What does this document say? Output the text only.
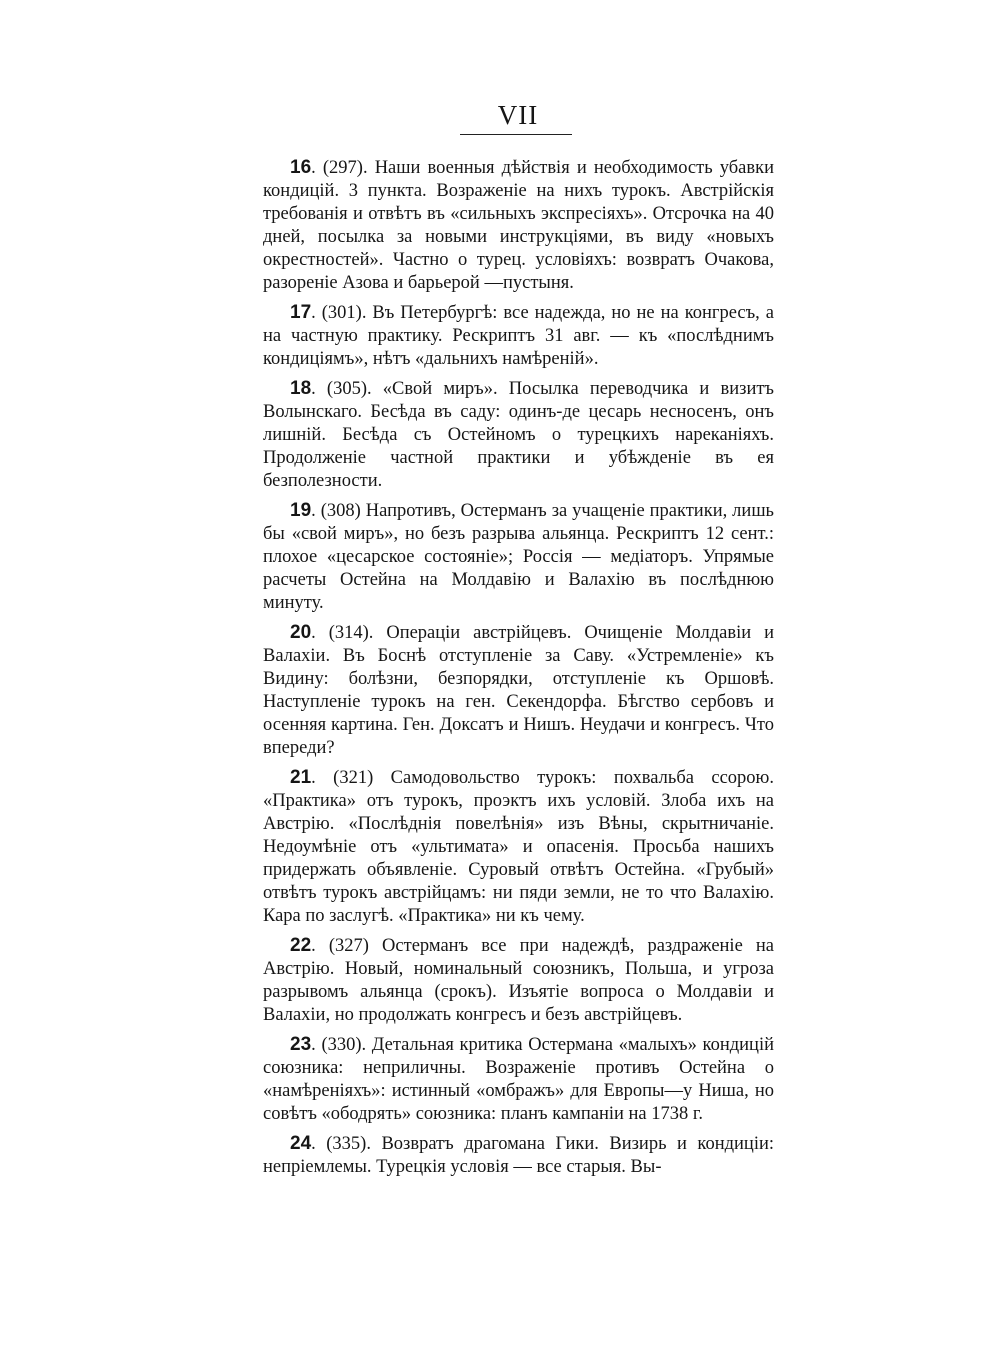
VII

16. (297). Наши военныя дѣйствія и необходимость убавки кондицій. 3 пункта. Возраженіе на нихъ турокъ. Австрійскія требованія и отвѣтъ въ «сильныхъ экспресіяхъ». Отсрочка на 40 дней, посылка за новыми инструкціями, въ виду «новыхъ окрестностей». Частно о турец. условіяхъ: возвратъ Очакова, разореніе Азова и барьерой —пустыня.

17. (301). Въ Петербургѣ: все надежда, но не на конгресъ, а на частную практику. Рескриптъ 31 авг. — къ «послѣднимъ кондиціямъ», нѣтъ «дальнихъ намѣреній».

18. (305). «Свой миръ». Посылка переводчика и визитъ Волынскаго. Бесѣда въ саду: одинъ-де цесарь несносенъ, онъ лишній. Бесѣда съ Остейномъ о турецкихъ нареканіяхъ. Продолженіе частной практики и убѣжденіе въ ея безполезности.

19. (308) Напротивъ, Остерманъ за учащеніе практики, лишь бы «свой миръ», но безъ разрыва альянца. Рескриптъ 12 сент.: плохое «цесарское состояніе»; Россія — медіаторъ. Упрямые расчеты Остейна на Молдавію и Валахію въ послѣднюю минуту.

20. (314). Операціи австрійцевъ. Очищеніе Молдавіи и Валахіи. Въ Боснѣ отступленіе за Саву. «Устремленіе» къ Видину: болѣзни, безпорядки, отступленіе къ Оршовѣ. Наступленіе турокъ на ген. Секендорфа. Бѣгство сербовъ и осенняя картина. Ген. Доксатъ и Нишъ. Неудачи и конгресъ. Что впереди?

21. (321) Самодовольство турокъ: похвальба ссорою. «Практика» отъ турокъ, проэктъ ихъ условій. Злоба ихъ на Австрію. «Послѣднія повелѣнія» изъ Вѣны, скрытничаніе. Недоумѣніе отъ «ультиматa» и опасенія. Просьба нашихъ придержать объявленіе. Суровый отвѣтъ Остейна. «Грубый» отвѣтъ турокъ австрійцамъ: ни пяди земли, не то что Валахію. Кара по заслугѣ. «Практика» ни къ чему.

22. (327) Остерманъ все при надеждѣ, раздраженіе на Австрію. Новый, номинальный союзникъ, Польша, и угроза разрывомъ альянца (срокъ). Изъятіе вопроса о Молдавіи и Валахіи, но продолжать конгресъ и безъ австрійцевъ.

23. (330). Детальная критика Остермана «малыхъ» кондицій союзника: неприличны. Возраженіе противъ Остейна о «намѣреніяхъ»: истинный «омбражъ» для Европы—у Ниша, но совѣтъ «ободрять» союзника: планъ кампаніи на 1738 г.

24. (335). Возвратъ драгомана Гики. Визирь и кондиціи: непріемлемы. Турецкія условія — все старыя. Вы-
